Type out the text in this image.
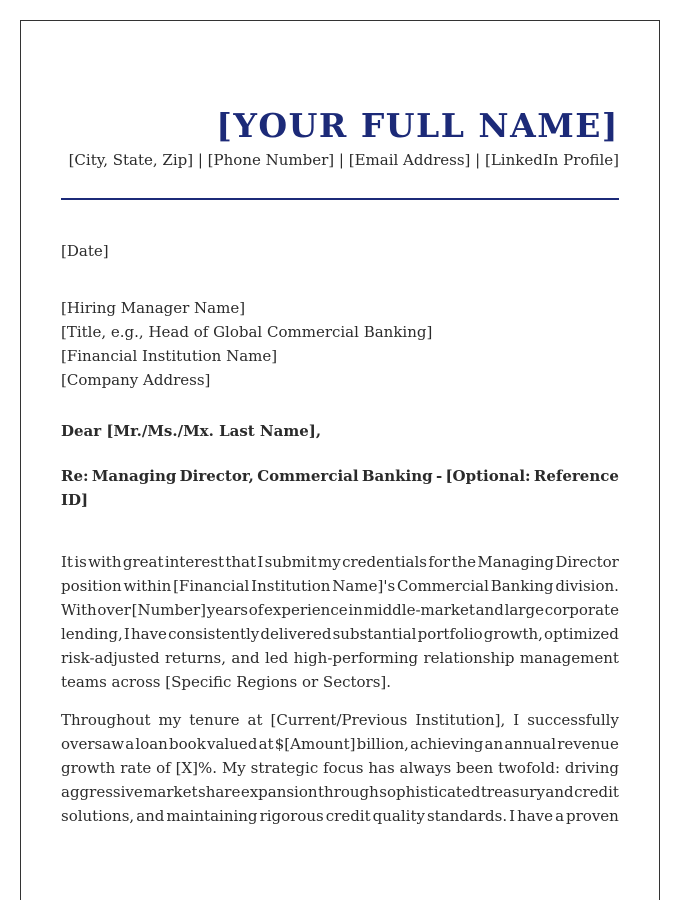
[YOUR FULL NAME]
[City, State, Zip] | [Phone Number] | [Email Address] | [LinkedIn Profile]
[Date]
[Hiring Manager Name]
[Title, e.g., Head of Global Commercial Banking]
[Financial Institution Name]
[Company Address]
Dear [Mr./Ms./Mx. Last Name],
Re: Managing Director, Commercial Banking - [Optional: Reference
ID]
It is with great interest that I submit my credentials for the Managing Director
position within [Financial Institution Name]'s Commercial Banking division.
With over [Number] years of experience in middle-market and large corporate
lending, I have consistently delivered substantial portfolio growth, optimized
risk-adjusted returns, and led high-performing relationship management
teams across [Specific Regions or Sectors].
Throughout my tenure at [Current/Previous Institution], I successfully
oversaw a loan book valued at $[Amount] billion, achieving an annual revenue
growth rate of [X]%. My strategic focus has always been twofold: driving
aggressive market share expansion through sophisticated treasury and credit
solutions, and maintaining rigorous credit quality standards. I have a proven
